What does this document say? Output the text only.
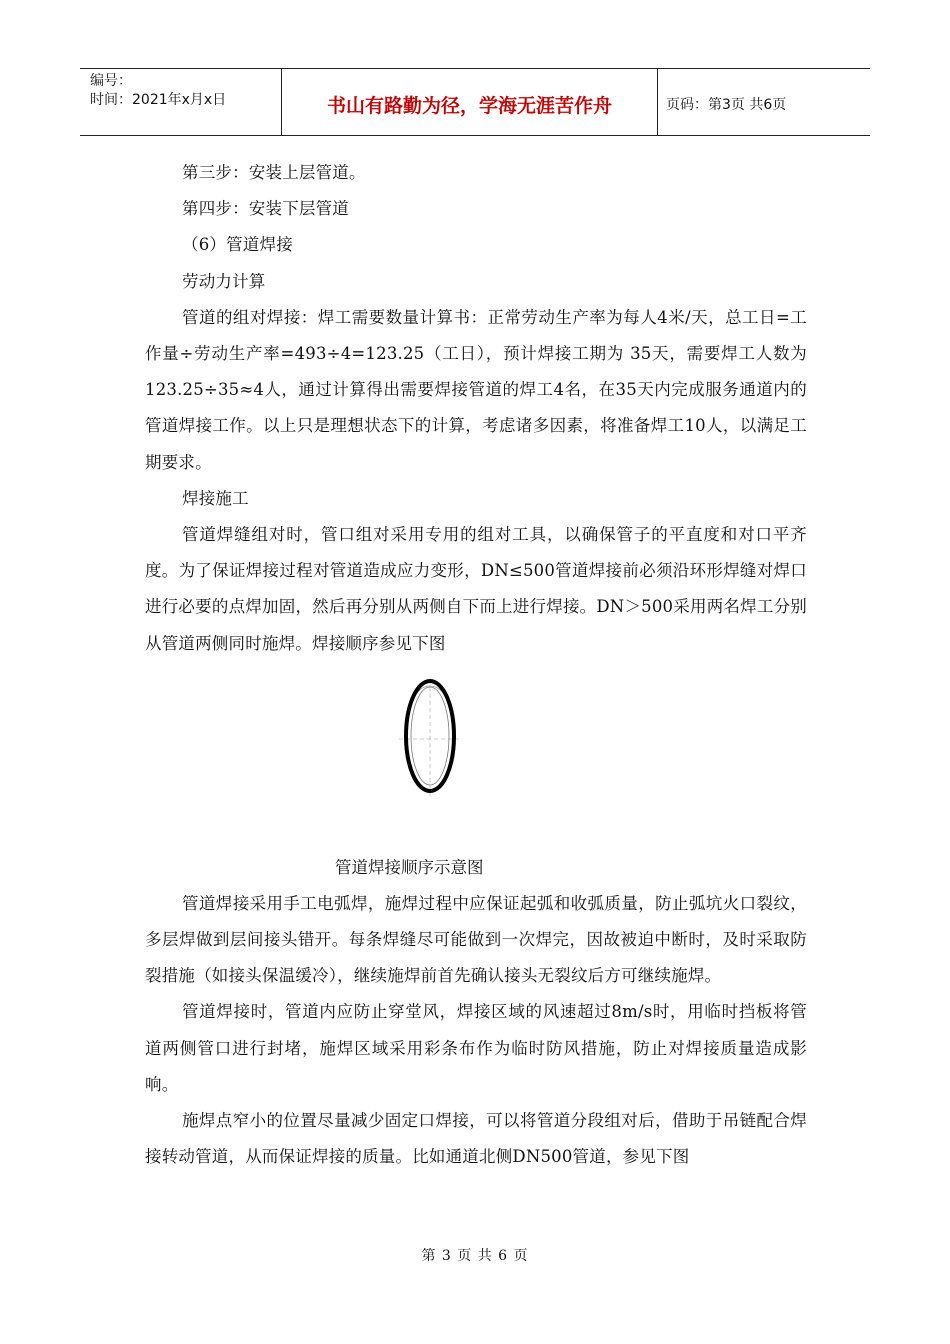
编号：
时间：2021年x月x日	书山有路勤为径，学海无涯苦作舟	页码：第3页 共6页

第三步：安装上层管道。

第四步：安装下层管道

（6）管道焊接

劳动力计算

管道的组对焊接：焊工需要数量计算书：正常劳动生产率为每人4米/天，总工日=工作量÷劳动生产率=493÷4=123.25（工日），预计焊接工期为 35天，需要焊工人数为123.25÷35≈4人，通过计算得出需要焊接管道的焊工4名，在35天内完成服务通道内的管道焊接工作。以上只是理想状态下的计算，考虑诸多因素，将准备焊工10人，以满足工期要求。

焊接施工

管道焊缝组对时，管口组对采用专用的组对工具，以确保管子的平直度和对口平齐度。为了保证焊接过程对管道造成应力变形，DN≤500管道焊接前必须沿环形焊缝对焊口进行必要的点焊加固，然后再分别从两侧自下而上进行焊接。DN＞500采用两名焊工分别从管道两侧同时施焊。焊接顺序参见下图

管道焊接顺序示意图

管道焊接采用手工电弧焊，施焊过程中应保证起弧和收弧质量，防止弧坑火口裂纹，多层焊做到层间接头错开。每条焊缝尽可能做到一次焊完，因故被迫中断时，及时采取防裂措施（如接头保温缓冷），继续施焊前首先确认接头无裂纹后方可继续施焊。

管道焊接时，管道内应防止穿堂风，焊接区域的风速超过8m/s时，用临时挡板将管道两侧管口进行封堵，施焊区域采用彩条布作为临时防风措施，防止对焊接质量造成影响。

施焊点窄小的位置尽量减少固定口焊接，可以将管道分段组对后，借助于吊链配合焊接转动管道，从而保证焊接的质量。比如通道北侧DN500管道，参见下图

第 3 页 共 6 页
